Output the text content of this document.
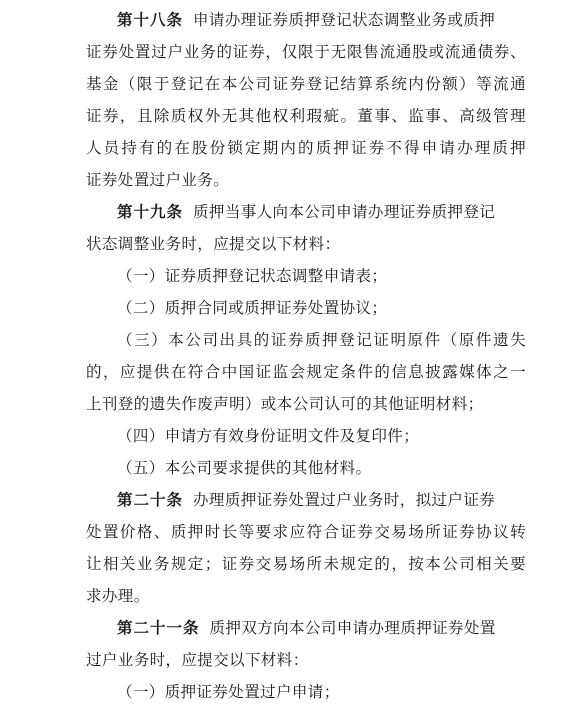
第十八条 申请办理证券质押登记状态调整业务或质押
证券处置过户业务的证券，仅限于无限售流通股或流通债券、
基金（限于登记在本公司证券登记结算系统内份额）等流通
证券，且除质权外无其他权利瑕疵。董事、监事、高级管理
人员持有的在股份锁定期内的质押证券不得申请办理质押
证券处置过户业务。
第十九条 质押当事人向本公司申请办理证券质押登记
状态调整业务时，应提交以下材料：
（一）证券质押登记状态调整申请表；
（二）质押合同或质押证券处置协议；
（三）本公司出具的证券质押登记证明原件（原件遗失
的，应提供在符合中国证监会规定条件的信息披露媒体之一
上刊登的遗失作废声明）或本公司认可的其他证明材料；
（四）申请方有效身份证明文件及复印件；
（五）本公司要求提供的其他材料。
第二十条 办理质押证券处置过户业务时，拟过户证券
处置价格、质押时长等要求应符合证券交易场所证券协议转
让相关业务规定；证券交易场所未规定的，按本公司相关要
求办理。
第二十一条 质押双方向本公司申请办理质押证券处置
过户业务时，应提交以下材料：
（一）质押证券处置过户申请；
